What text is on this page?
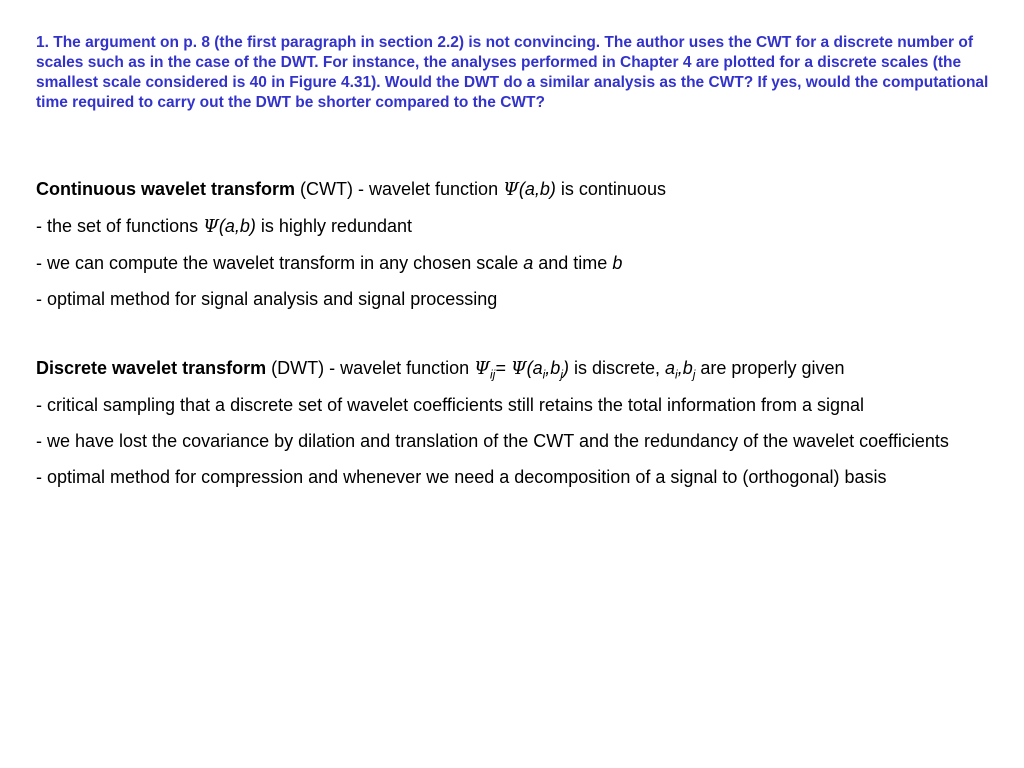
1. The argument on p. 8 (the first paragraph in section 2.2) is not convincing. The author uses the CWT for a discrete number of scales such as in the case of the DWT. For instance, the analyses performed in Chapter 4 are plotted for a discrete scales (the smallest scale considered is 40 in Figure 4.31). Would the DWT do a similar analysis as the CWT? If yes, would the computational time required to carry out the DWT be shorter compared to the CWT?

Continuous wavelet transform (CWT) - wavelet function Ψ(a,b) is continuous

- the set of functions Ψ(a,b) is highly redundant

- we can compute the wavelet transform in any chosen scale a and time b

- optimal method for signal analysis and signal processing

Discrete wavelet transform (DWT) - wavelet function $\Psi_{ij}= \Psi(a_i,b_j)$ is discrete, $a_i,b_j$ are properly given

- critical sampling that a discrete set of wavelet coefficients still retains the total information from a signal

- we have lost the covariance by dilation and translation of the CWT and the redundancy of the wavelet coefficients

- optimal method for compression and whenever we need a decomposition of a signal to (orthogonal) basis
